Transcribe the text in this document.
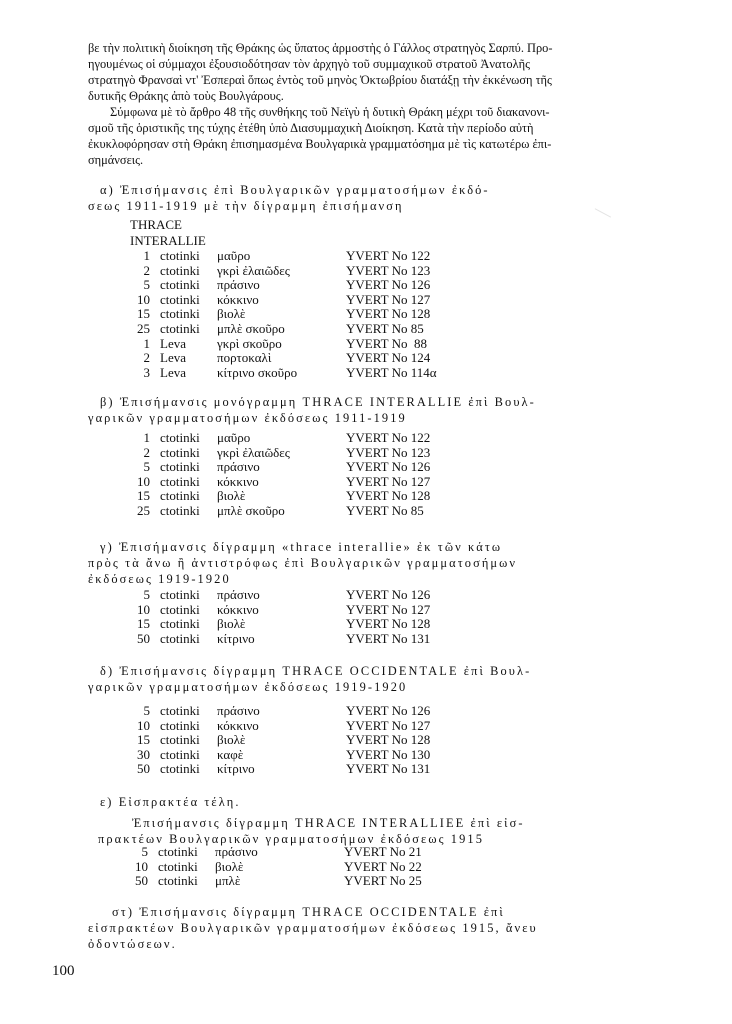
βε τὴν πολιτικὴ διοίκηση τῆς Θράκης ὡς ὕπατος ἁρμοστὴς ὁ Γάλλος στρατηγὸς Σαρπύ. Προ-
ηγουμένως οἱ σύμμαχοι ἐξουσιοδότησαν τὸν ἀρχηγὸ τοῦ συμμαχικοῦ στρατοῦ Ἀνατολῆς
στρατηγὸ Φρανσαὶ ντ' Ἐσπεραὶ ὅπως ἐντὸς τοῦ μηνὸς Ὀκτωβρίου διατάξῃ τὴν ἐκκένωση τῆς
δυτικῆς Θράκης ἀπὸ τοὺς Βουλγάρους.

Σύμφωνα μὲ τὸ ἄρθρο 48 τῆς συνθήκης τοῦ Νεϊγὺ ἡ δυτικὴ Θράκη μέχρι τοῦ διακανονι-
σμοῦ τῆς ὁριστικῆς της τύχης ἐτέθη ὑπὸ Διασυμμαχικὴ Διοίκηση. Κατὰ τὴν περίοδο αὐτὴ
ἐκυκλοφόρησαν στὴ Θράκη ἐπισημασμένα Βουλγαρικὰ γραμματόσημα μὲ τὶς κατωτέρω ἐπι-
σημάνσεις.

α) Ἐπισήμανσις ἐπὶ Βουλγαρικῶν γραμματοσήμων ἐκδό-
σεως 1911-1919 μὲ τὴν δίγραμμη ἐπισήμανση

THRACE
INTERALLIE
1 ctotinki μαῦρο	YVERT No 122
2 ctotinki γκρὶ ἐλαιῶδες	YVERT No 123
5 ctotinki πράσινο	YVERT No 126
10 ctotinki κόκκινο	YVERT No 127
15 ctotinki βιολὲ	YVERT No 128
25 ctotinki μπλὲ σκοῦρο	YVERT No 85
1 Leva γκρὶ σκοῦρο	YVERT No  88
2 Leva πορτοκαλὶ	YVERT No 124
3 Leva κίτρινο σκοῦρο	YVERT No 114α

β) Ἐπισήμανσις μονόγραμμη THRACE INTERALLIE ἐπὶ Βουλ-
γαρικῶν γραμματοσήμων ἐκδόσεως 1911-1919

1 ctotinki μαῦρο	YVERT No 122
2 ctotinki γκρὶ ἐλαιῶδες	YVERT No 123
5 ctotinki πράσινο	YVERT No 126
10 ctotinki κόκκινο	YVERT No 127
15 ctotinki βιολὲ	YVERT No 128
25 ctotinki μπλὲ σκοῦρο	YVERT No 85

γ) Ἐπισήμανσις δίγραμμη «thrace interallie» ἐκ τῶν κάτω
πρὸς τὰ ἄνω ἢ ἀντιστρόφως ἐπὶ Βουλγαρικῶν γραμματοσήμων
ἐκδόσεως 1919-1920

5 ctotinki πράσινο	YVERT No 126
10 ctotinki κόκκινο	YVERT No 127
15 ctotinki βιολὲ	YVERT No 128
50 ctotinki κίτρινο	YVERT No 131

δ) Ἐπισήμανσις δίγραμμη THRACE OCCIDENTALE ἐπὶ Βουλ-
γαρικῶν γραμματοσήμων ἐκδόσεως 1919-1920

5 ctotinki πράσινο	YVERT No 126
10 ctotinki κόκκινο	YVERT No 127
15 ctotinki βιολὲ	YVERT No 128
30 ctotinki καφὲ	YVERT No 130
50 ctotinki κίτρινο	YVERT No 131

ε) Εἰσπρακτέα τέλη.

Ἐπισήμανσις δίγραμμη THRACE INTERALLIEE ἐπὶ εἰσ-
πρακτέων Βουλγαρικῶν γραμματοσήμων ἐκδόσεως 1915

5 ctotinki πράσινο	YVERT No 21
10 ctotinki βιολὲ	YVERT No 22
50 ctotinki μπλὲ	YVERT No 25

στ) Ἐπισήμανσις δίγραμμη THRACE OCCIDENTALE ἐπὶ
εἰσπρακτέων Βουλγαρικῶν γραμματοσήμων ἐκδόσεως 1915, ἄνευ
ὀδοντώσεων.

100
